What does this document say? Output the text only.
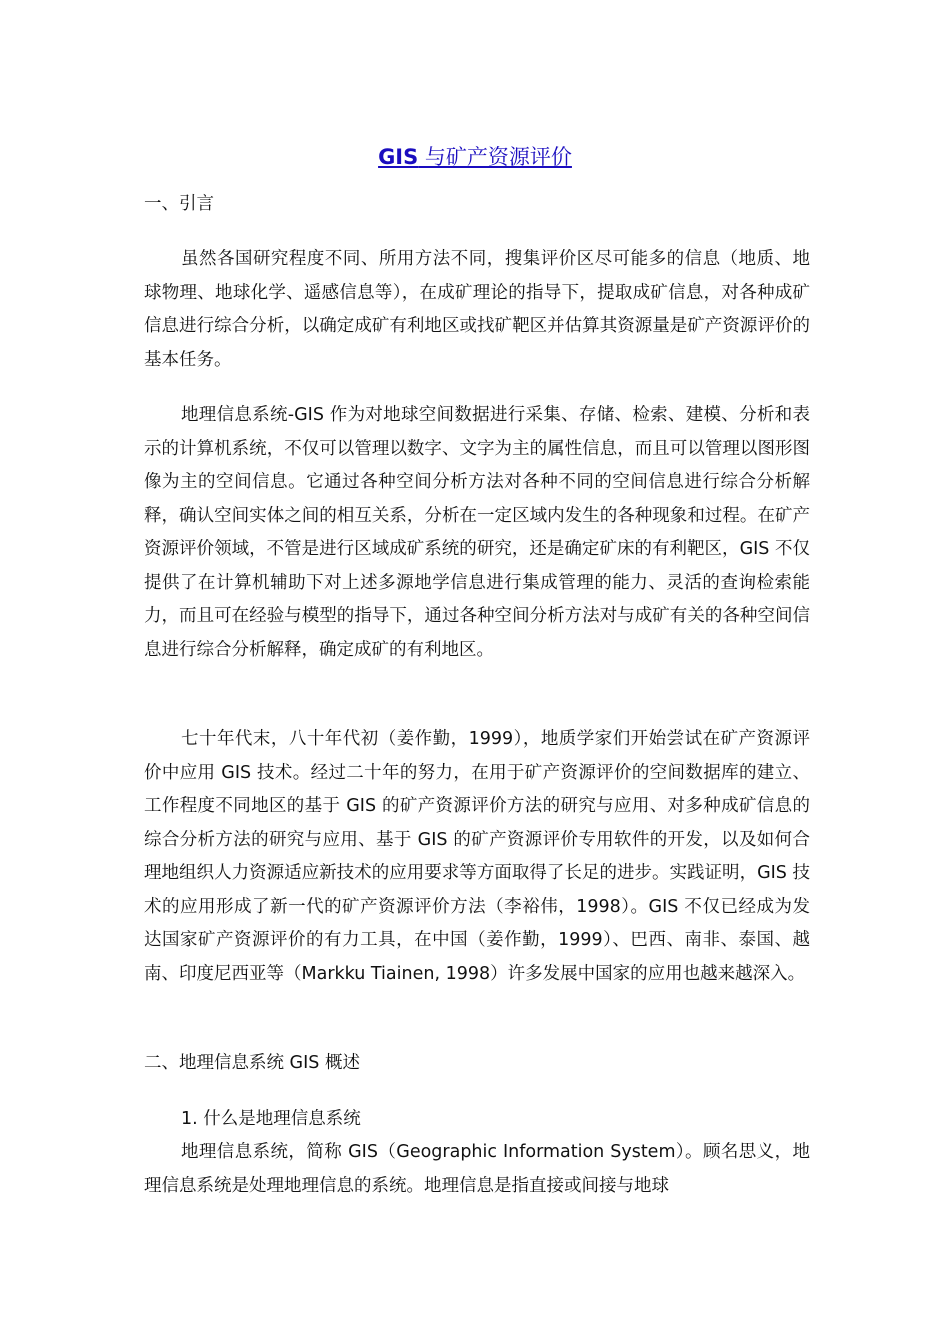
GIS 与矿产资源评价

一、引言

虽然各国研究程度不同、所用方法不同，搜集评价区尽可能多的信息（地质、地球物理、地球化学、遥感信息等），在成矿理论的指导下，提取成矿信息，对各种成矿信息进行综合分析，以确定成矿有利地区或找矿靶区并估算其资源量是矿产资源评价的基本任务。

地理信息系统-GIS 作为对地球空间数据进行采集、存储、检索、建模、分析和表示的计算机系统，不仅可以管理以数字、文字为主的属性信息，而且可以管理以图形图像为主的空间信息。它通过各种空间分析方法对各种不同的空间信息进行综合分析解释，确认空间实体之间的相互关系，分析在一定区域内发生的各种现象和过程。在矿产资源评价领域，不管是进行区域成矿系统的研究，还是确定矿床的有利靶区，GIS 不仅提供了在计算机辅助下对上述多源地学信息进行集成管理的能力、灵活的查询检索能力，而且可在经验与模型的指导下，通过各种空间分析方法对与成矿有关的各种空间信息进行综合分析解释，确定成矿的有利地区。

七十年代末，八十年代初（姜作勤，1999），地质学家们开始尝试在矿产资源评价中应用 GIS 技术。经过二十年的努力，在用于矿产资源评价的空间数据库的建立、工作程度不同地区的基于 GIS 的矿产资源评价方法的研究与应用、对多种成矿信息的综合分析方法的研究与应用、基于 GIS 的矿产资源评价专用软件的开发，以及如何合理地组织人力资源适应新技术的应用要求等方面取得了长足的进步。实践证明，GIS 技术的应用形成了新一代的矿产资源评价方法（李裕伟，1998）。GIS 不仅已经成为发达国家矿产资源评价的有力工具，在中国（姜作勤，1999）、巴西、南非、泰国、越南、印度尼西亚等（Markku Tiainen, 1998）许多发展中国家的应用也越来越深入。

二、地理信息系统 GIS 概述

1. 什么是地理信息系统

地理信息系统，简称 GIS（Geographic Information System）。顾名思义，地理信息系统是处理地理信息的系统。地理信息是指直接或间接与地球
